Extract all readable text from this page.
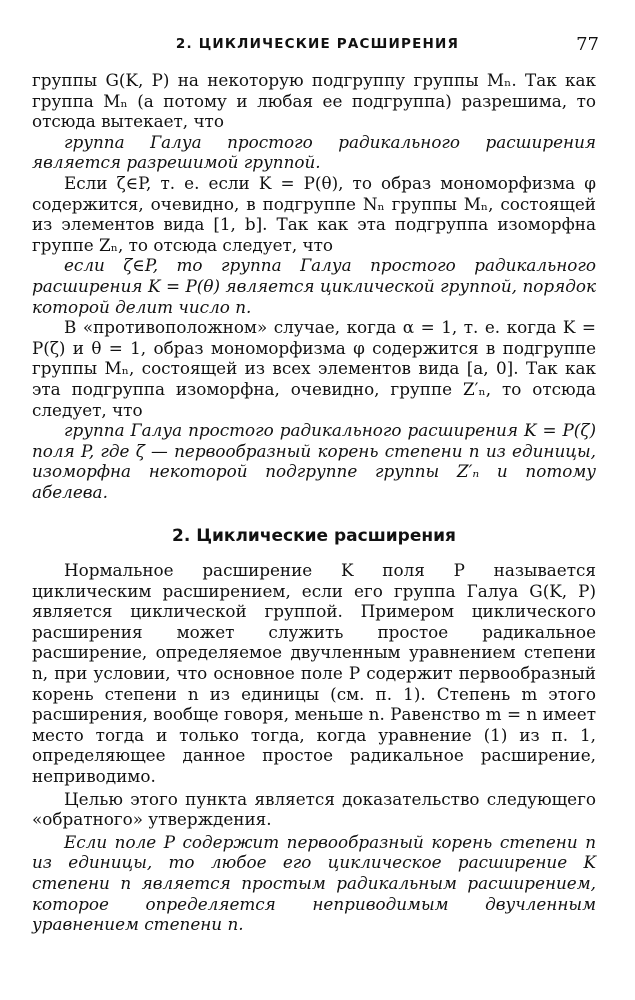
2. ЦИКЛИЧЕСКИЕ РАСШИРЕНИЯ	77

группы G(K, P) на некоторую подгруппу группы Mₙ. Так как группа Mₙ (а потому и любая ее подгруппа) разрешима, то отсюда вытекает, что

группа Галуа простого радикального расширения является разрешимой группой.

Если ζ∈P, т. е. если K = P(θ), то образ мономорфизма φ содержится, очевидно, в подгруппе Nₙ группы Mₙ, состоящей из элементов вида [1, b]. Так как эта подгруппа изоморфна группе Zₙ, то отсюда следует, что

если ζ∈P, то группа Галуа простого радикального расширения K = P(θ) является циклической группой, порядок которой делит число n.

В «противоположном» случае, когда α = 1, т. е. когда K = P(ζ) и θ = 1, образ мономорфизма φ содержится в подгруппе группы Mₙ, состоящей из всех элементов вида [a, 0]. Так как эта подгруппа изоморфна, очевидно, группе Z′ₙ, то отсюда следует, что

группа Галуа простого радикального расширения K = P(ζ) поля P, где ζ — первообразный корень степени n из единицы, изоморфна некоторой подгруппе группы Z′ₙ и потому абелева.

2. Циклические расширения

Нормальное расширение K поля P называется циклическим расширением, если его группа Галуа G(K, P) является циклической группой. Примером циклического расширения может служить простое радикальное расширение, определяемое двучленным уравнением степени n, при условии, что основное поле P содержит первообразный корень степени n из единицы (см. п. 1). Степень m этого расширения, вообще говоря, меньше n. Равенство m = n имеет место тогда и только тогда, когда уравнение (1) из п. 1, определяющее данное простое радикальное расширение, неприводимо.

Целью этого пункта является доказательство следующего «обратного» утверждения.

Если поле P содержит первообразный корень степени n из единицы, то любое его циклическое расширение K степени n является простым радикальным расширением, которое определяется неприводимым двучленным уравнением степени n.
